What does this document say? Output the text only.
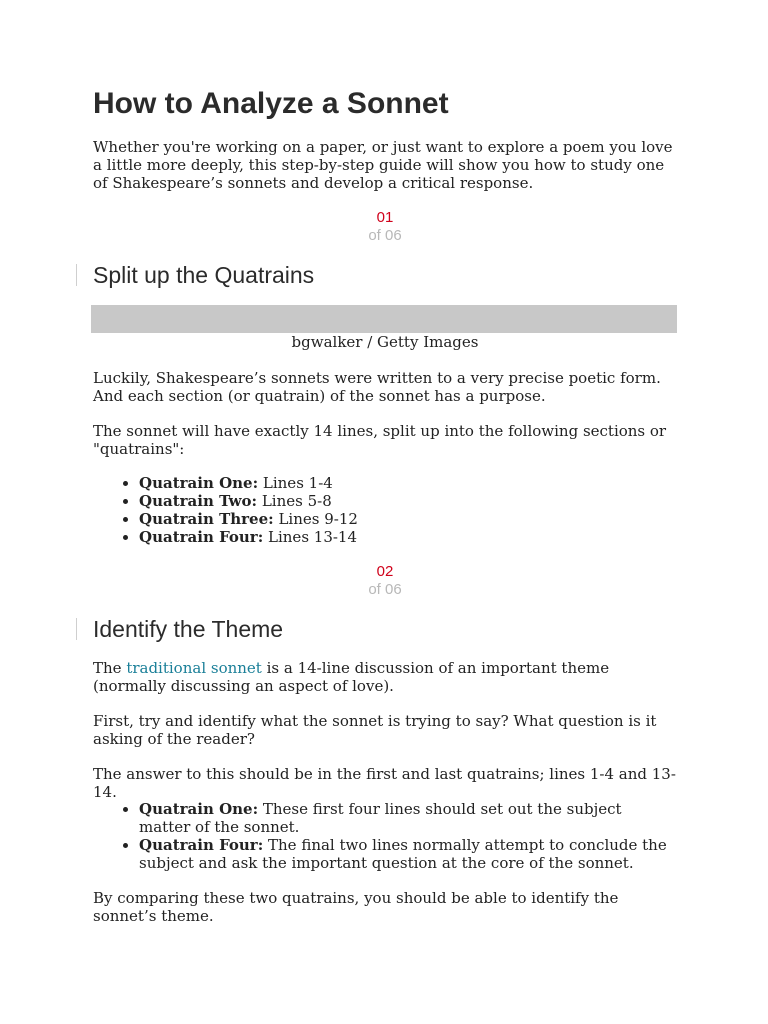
How to Analyze a Sonnet

Whether you're working on a paper, or just want to explore a poem you love a little more deeply, this step-by-step guide will show you how to study one of Shakespeare’s sonnets and develop a critical response.

01
of 06
Split up the Quatrains

bgwalker / Getty Images

Luckily, Shakespeare’s sonnets were written to a very precise poetic form. And each section (or quatrain) of the sonnet has a purpose.

The sonnet will have exactly 14 lines, split up into the following sections or "quatrains":

• Quatrain One: Lines 1-4
• Quatrain Two: Lines 5-8
• Quatrain Three: Lines 9-12
• Quatrain Four: Lines 13-14
02
of 06
Identify the Theme

The traditional sonnet is a 14-line discussion of an important theme (normally discussing an aspect of love).

First, try and identify what the sonnet is trying to say? What question is it asking of the reader?

The answer to this should be in the first and last quatrains; lines 1-4 and 13-14.

• Quatrain One: These first four lines should set out the subject matter of the sonnet.
• Quatrain Four: The final two lines normally attempt to conclude the subject and ask the important question at the core of the sonnet.

By comparing these two quatrains, you should be able to identify the sonnet’s theme.
